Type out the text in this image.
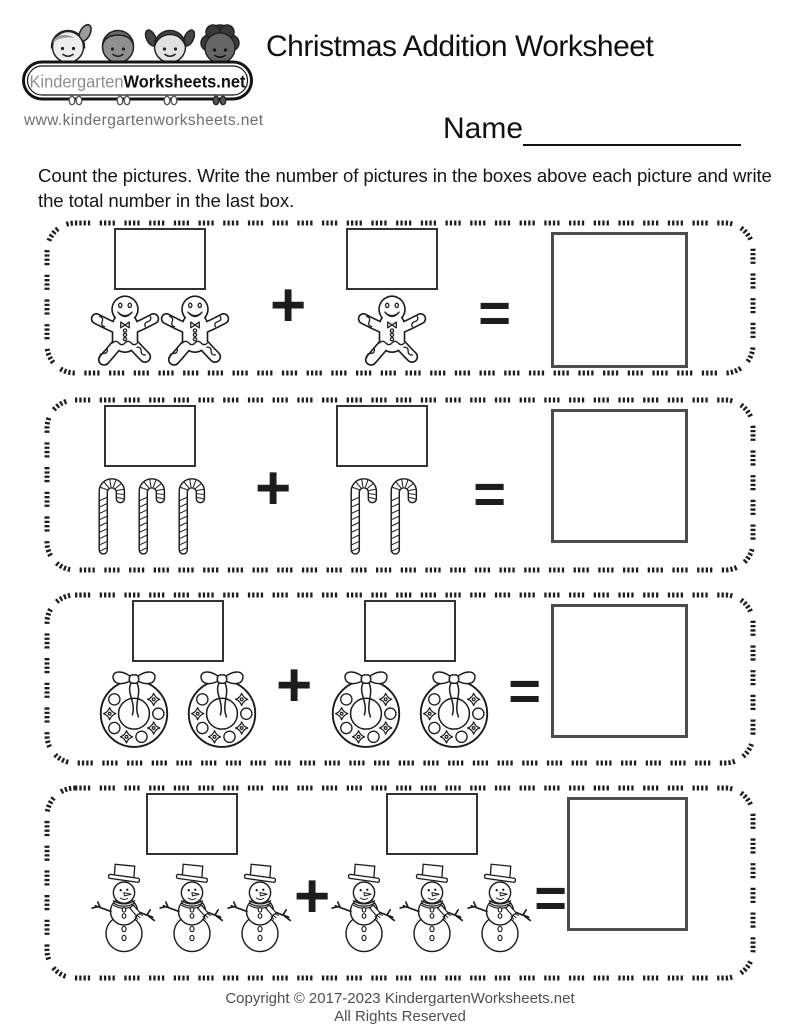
KindergartenWorksheets.net
www.kindergartenworksheets.net
Christmas Addition Worksheet
Name

Count the pictures. Write the number of pictures in the boxes above each picture and write the total number in the last box.

+	=
+	=
+	=
+	=
Copyright © 2017-2023 KindergartenWorksheets.net
All Rights Reserved
